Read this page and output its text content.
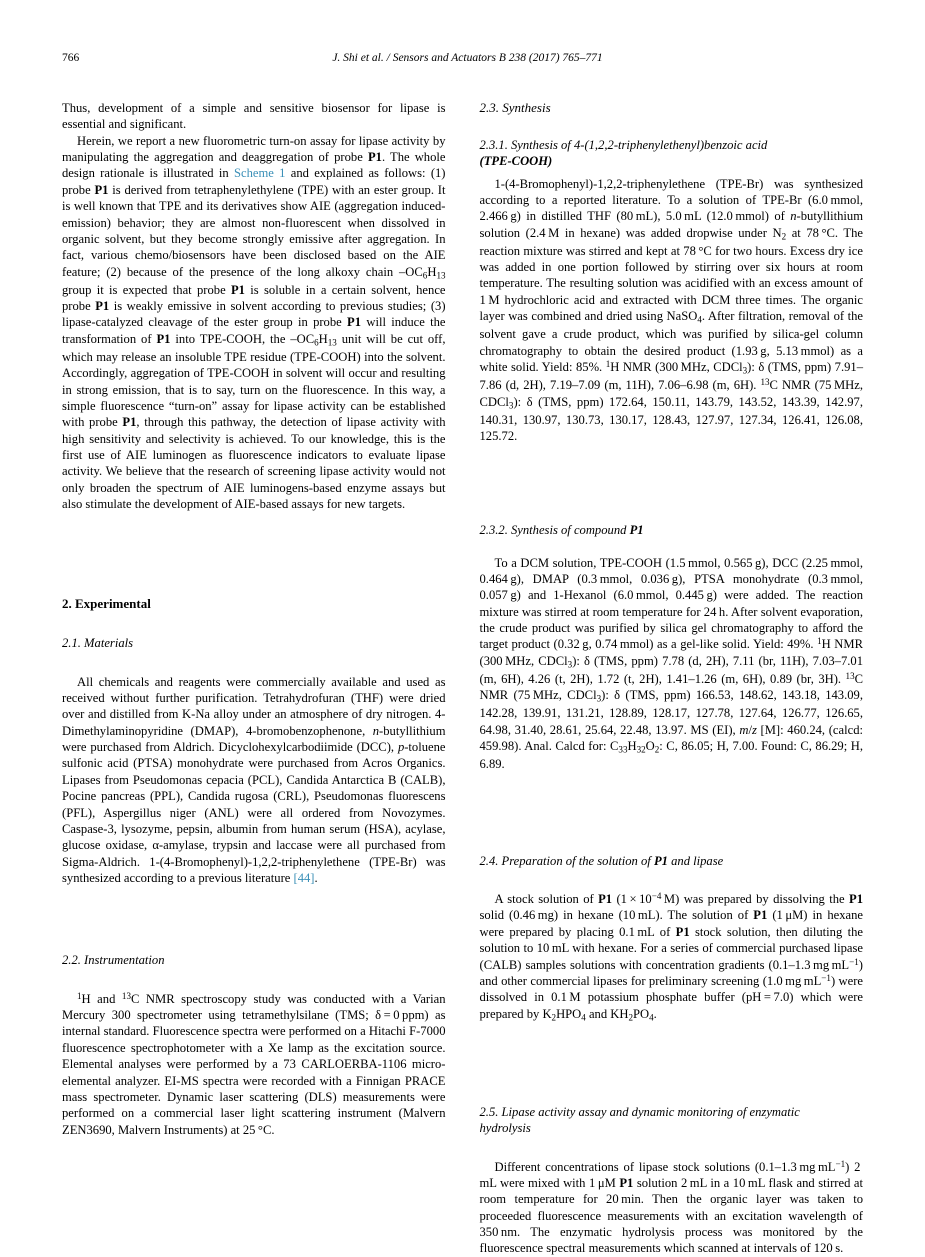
766	J. Shi et al. / Sensors and Actuators B 238 (2017) 765–771

Thus, development of a simple and sensitive biosensor for lipase is essential and significant.

Herein, we report a new fluorometric turn-on assay for lipase activity by manipulating the aggregation and deaggregation of probe P1. The whole design rationale is illustrated in Scheme 1 and explained as follows: (1) probe P1 is derived from tetraphenylethylene (TPE) with an ester group. It is well known that TPE and its derivatives show AIE (aggregation induced-emission) behavior; they are almost non-fluorescent when dissolved in organic solvent, but they become strongly emissive after aggregation. In fact, various chemo/biosensors have been disclosed based on the AIE feature; (2) because of the presence of the long alkoxy chain $-OC_6H_{13}$ group it is expected that probe P1 is soluble in a certain solvent, hence probe P1 is weakly emissive in solvent according to previous studies; (3) lipase-catalyzed cleavage of the ester group in probe P1 will induce the transformation of P1 into TPE-COOH, the $-OC_6H_{13}$ unit will be cut off, which may release an insoluble TPE residue (TPE-COOH) into the solvent. Accordingly, aggregation of TPE-COOH in solvent will occur and resulting in strong emission, that is to say, turn on the fluorescence. In this way, a simple fluorescence “turn-on” assay for lipase activity can be established with probe P1, through this pathway, the detection of lipase activity with high sensitivity and selectivity is achieved. To our knowledge, this is the first use of AIE luminogen as fluorescence indicators to evaluate lipase activity. We believe that the research of screening lipase activity would not only broaden the spectrum of AIE luminogens-based enzyme assays but also stimulate the development of AIE-based assays for new targets.

2. Experimental
2.1. Materials

All chemicals and reagents were commercially available and used as received without further purification. Tetrahydrofuran (THF) were dried over and distilled from K-Na alloy under an atmosphere of dry nitrogen. 4-Dimethylaminopyridine (DMAP), 4-bromobenzophenone, n-butyllithium were purchased from Aldrich. Dicyclohexylcarbodiimide (DCC), p-toluene sulfonic acid (PTSA) monohydrate were purchased from Acros Organics. Lipases from Pseudomonas cepacia (PCL), Candida Antarctica B (CALB), Pocine pancreas (PPL), Candida rugosa (CRL), Pseudomonas fluorescens (PFL), Aspergillus niger (ANL) were all ordered from Novozymes. Caspase-3, lysozyme, pepsin, albumin from human serum (HSA), acylase, glucose oxidase, α-amylase, trypsin and laccase were all purchased from Sigma-Aldrich. 1-(4-Bromophenyl)-1,2,2-triphenylethene (TPE-Br) was synthesized according to a previous literature [44].

2.2. Instrumentation

$^1$H and $^{13}$C NMR spectroscopy study was conducted with a Varian Mercury 300 spectrometer using tetramethylsilane (TMS; δ = 0 ppm) as internal standard. Fluorescence spectra were performed on a Hitachi F-7000 fluorescence spectrophotometer with a Xe lamp as the excitation source. Elemental analyses were performed by a 73 CARLOERBA-1106 micro-elemental analyzer. EI-MS spectra were recorded with a Finnigan PRACE mass spectrometer. Dynamic laser scattering (DLS) measurements were performed on a commercial laser light scattering instrument (Malvern ZEN3690, Malvern Instruments) at 25 °C.

2.3. Synthesis
2.3.1. Synthesis of 4-(1,2,2-triphenylethenyl)benzoic acid
(TPE-COOH)

1-(4-Bromophenyl)-1,2,2-triphenylethene (TPE-Br) was synthesized according to a reported literature. To a solution of TPE-Br (6.0 mmol, 2.466 g) in distilled THF (80 mL), 5.0 mL (12.0 mmol) of n-butyllithium solution (2.4 M in hexane) was added dropwise under $N_2$ at 78 °C. The reaction mixture was stirred and kept at 78 °C for two hours. Excess dry ice was added in one portion followed by stirring over six hours at room temperature. The resulting solution was acidified with an excess amount of 1 M hydrochloric acid and extracted with DCM three times. The organic layer was combined and dried using NaSO$_4$. After filtration, removal of the solvent gave a crude product, which was purified by silica-gel column chromatography to obtain the desired product (1.93 g, 5.13 mmol) as a white solid. Yield: 85%. $^1$H NMR (300 MHz, CDCl$_3$): δ (TMS, ppm) 7.91–7.86 (d, 2H), 7.19–7.09 (m, 11H), 7.06–6.98 (m, 6H). $^{13}$C NMR (75 MHz, CDCl$_3$): δ (TMS, ppm) 172.64, 150.11, 143.79, 143.52, 143.39, 142.97, 140.31, 130.97, 130.73, 130.17, 128.43, 127.97, 127.34, 126.41, 126.08, 125.72.

2.3.2. Synthesis of compound P1

To a DCM solution, TPE-COOH (1.5 mmol, 0.565 g), DCC (2.25 mmol, 0.464 g), DMAP (0.3 mmol, 0.036 g), PTSA monohydrate (0.3 mmol, 0.057 g) and 1-Hexanol (6.0 mmol, 0.445 g) were added. The reaction mixture was stirred at room temperature for 24 h. After solvent evaporation, the crude product was purified by silica gel chromatography to afford the target product (0.32 g, 0.74 mmol) as a gel-like solid. Yield: 49%. $^1$H NMR (300 MHz, CDCl$_3$): δ (TMS, ppm) 7.78 (d, 2H), 7.11 (br, 11H), 7.03–7.01 (m, 6H), 4.26 (t, 2H), 1.72 (t, 2H), 1.41–1.26 (m, 6H), 0.89 (br, 3H). $^{13}$C NMR (75 MHz, CDCl$_3$): δ (TMS, ppm) 166.53, 148.62, 143.18, 143.09, 142.28, 139.91, 131.21, 128.89, 128.17, 127.78, 127.64, 126.77, 126.65, 64.98, 31.40, 28.61, 25.64, 22.48, 13.97. MS (EI), m/z [M]: 460.24, (calcd: 459.98). Anal. Calcd for: $C_{33}H_{32}O_2$: C, 86.05; H, 7.00. Found: C, 86.29; H, 6.89.

2.4. Preparation of the solution of P1 and lipase

A stock solution of P1 ($1 \times 10^{-4}$ M) was prepared by dissolving the P1 solid (0.46 mg) in hexane (10 mL). The solution of P1 (1 μM) in hexane were prepared by placing 0.1 mL of P1 stock solution, then diluting the solution to 10 mL with hexane. For a series of commercial purchased lipase (CALB) samples solutions with concentration gradients (0.1–1.3 mg $mL^{-1}$) and other commercial lipases for preliminary screening (1.0 mg $mL^{-1}$) were dissolved in 0.1 M potassium phosphate buffer (pH = 7.0) which were prepared by $K_2HPO_4$ and $KH_2PO_4$.

2.5. Lipase activity assay and dynamic monitoring of enzymatic
hydrolysis

Different concentrations of lipase stock solutions (0.1–1.3 mg $mL^{-1}$) 2 mL were mixed with 1 μM P1 solution 2 mL in a 10 mL flask and stirred at room temperature for 20 min. Then the organic layer was taken to proceeded fluorescence measurements with an excitation wavelength of 350 nm. The enzymatic hydrolysis process was monitored by the fluorescence spectral measurements which scanned at intervals of 120 s.
